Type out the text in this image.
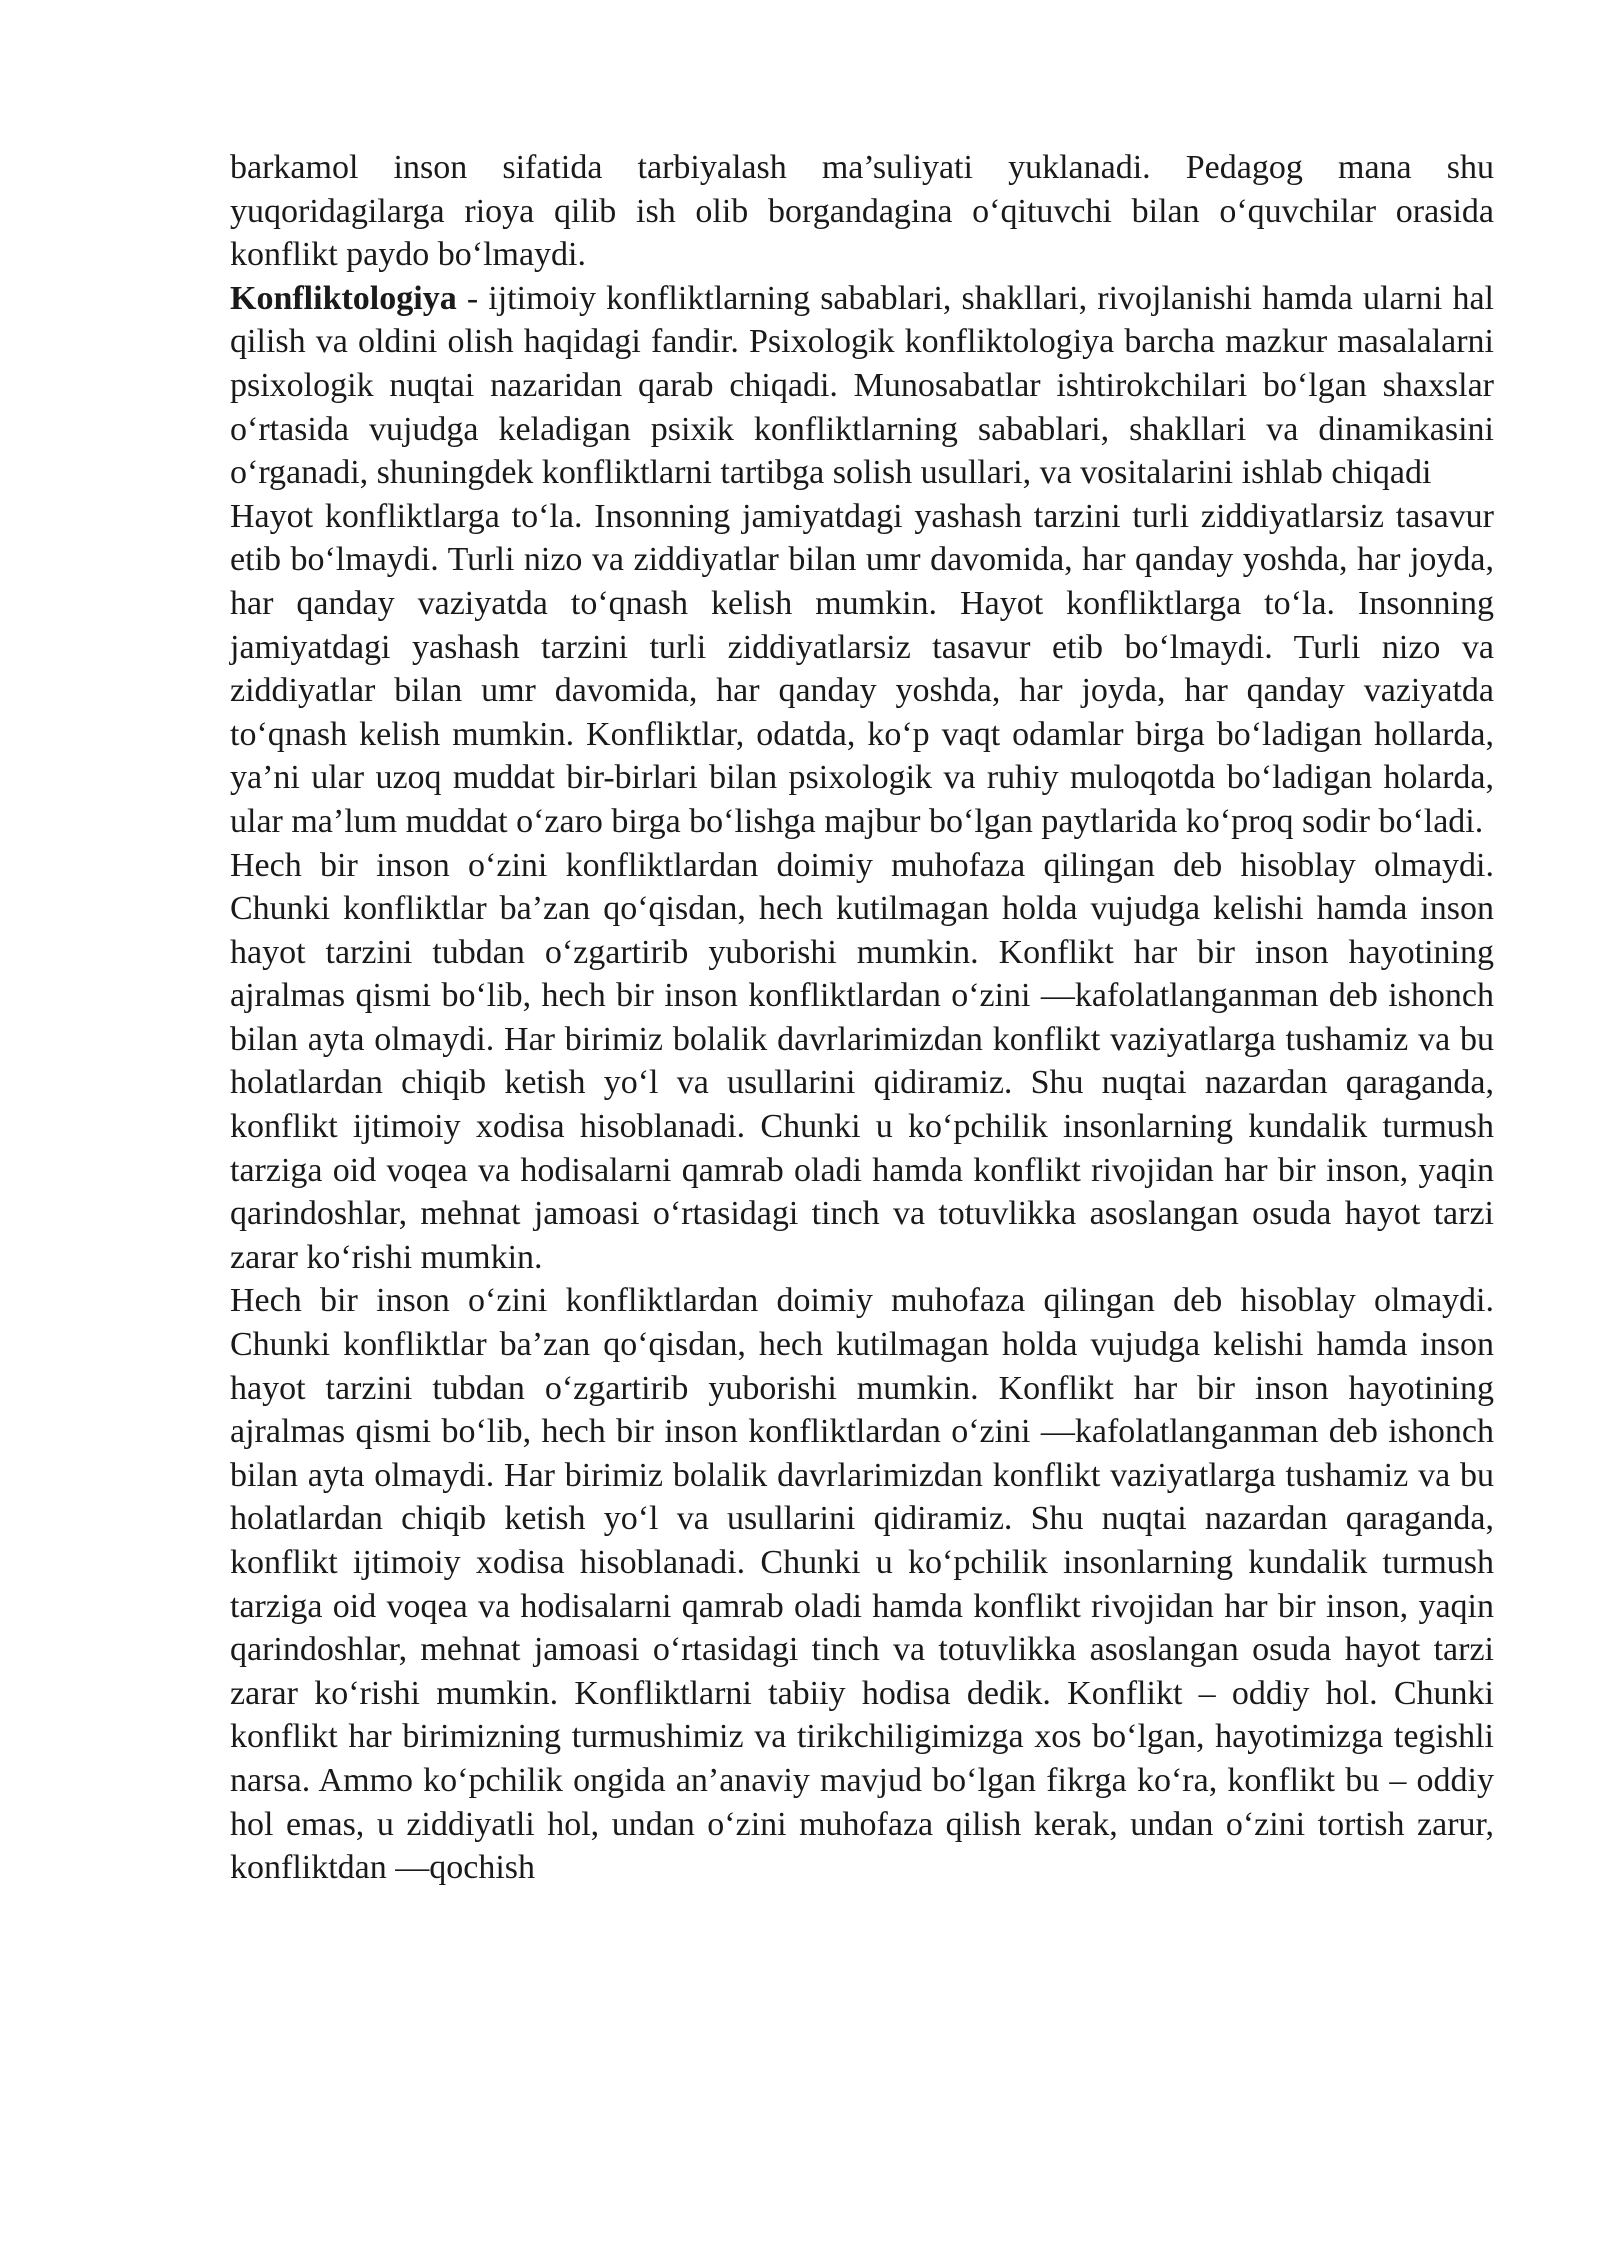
barkamol inson sifatida tarbiyalash ma’suliyati yuklanadi. Pedagog mana shu yuqoridagilarga rioya qilib ish olib borgandagina o‘qituvchi bilan o‘quvchilar orasida konflikt paydo bo‘lmaydi.

Konfliktologiya - ijtimoiy konfliktlarning sabablari, shakllari, rivojlanishi hamda ularni hal qilish va oldini olish haqidagi fandir. Psixologik konfliktologiya barcha mazkur masalalarni psixologik nuqtai nazaridan qarab chiqadi. Munosabatlar ishtirokchilari bo‘lgan shaxslar o‘rtasida vujudga keladigan psixik konfliktlarning sabablari, shakllari va dinamikasini o‘rganadi, shuningdek konfliktlarni tartibga solish usullari, va vositalarini ishlab chiqadi

Hayot konfliktlarga to‘la. Insonning jamiyatdagi yashash tarzini turli ziddiyatlarsiz tasavur etib bo‘lmaydi. Turli nizo va ziddiyatlar bilan umr davomida, har qanday yoshda, har joyda, har qanday vaziyatda to‘qnash kelish mumkin. Hayot konfliktlarga to‘la. Insonning jamiyatdagi yashash tarzini turli ziddiyatlarsiz tasavur etib bo‘lmaydi. Turli nizo va ziddiyatlar bilan umr davomida, har qanday yoshda, har joyda, har qanday vaziyatda to‘qnash kelish mumkin. Konfliktlar, odatda, ko‘p vaqt odamlar birga bo‘ladigan hollarda, ya’ni ular uzoq muddat bir-birlari bilan psixologik va ruhiy muloqotda bo‘ladigan holarda, ular ma’lum muddat o‘zaro birga bo‘lishga majbur bo‘lgan paytlarida ko‘proq sodir bo‘ladi.

Hech bir inson o‘zini konfliktlardan doimiy muhofaza qilingan deb hisoblay olmaydi. Chunki konfliktlar ba’zan qo‘qisdan, hech kutilmagan holda vujudga kelishi hamda inson hayot tarzini tubdan o‘zgartirib yuborishi mumkin. Konflikt har bir inson hayotining ajralmas qismi bo‘lib, hech bir inson konfliktlardan o‘zini ―kafolatlanganman deb ishonch bilan ayta olmaydi. Har birimiz bolalik davrlarimizdan konflikt vaziyatlarga tushamiz va bu holatlardan chiqib ketish yo‘l va usullarini qidiramiz. Shu nuqtai nazardan qaraganda, konflikt ijtimoiy xodisa hisoblanadi. Chunki u ko‘pchilik insonlarning kundalik turmush tarziga oid voqea va hodisalarni qamrab oladi hamda konflikt rivojidan har bir inson, yaqin qarindoshlar, mehnat jamoasi o‘rtasidagi tinch va totuvlikka asoslangan osuda hayot tarzi zarar ko‘rishi mumkin.

Hech bir inson o‘zini konfliktlardan doimiy muhofaza qilingan deb hisoblay olmaydi. Chunki konfliktlar ba’zan qo‘qisdan, hech kutilmagan holda vujudga kelishi hamda inson hayot tarzini tubdan o‘zgartirib yuborishi mumkin. Konflikt har bir inson hayotining ajralmas qismi bo‘lib, hech bir inson konfliktlardan o‘zini ―kafolatlanganman deb ishonch bilan ayta olmaydi. Har birimiz bolalik davrlarimizdan konflikt vaziyatlarga tushamiz va bu holatlardan chiqib ketish yo‘l va usullarini qidiramiz. Shu nuqtai nazardan qaraganda, konflikt ijtimoiy xodisa hisoblanadi. Chunki u ko‘pchilik insonlarning kundalik turmush tarziga oid voqea va hodisalarni qamrab oladi hamda konflikt rivojidan har bir inson, yaqin qarindoshlar, mehnat jamoasi o‘rtasidagi tinch va totuvlikka asoslangan osuda hayot tarzi zarar ko‘rishi mumkin. Konfliktlarni tabiiy hodisa dedik. Konflikt – oddiy hol. Chunki konflikt har birimizning turmushimiz va tirikchiligimizga xos bo‘lgan, hayotimizga tegishli narsa. Ammo ko‘pchilik ongida an’anaviy mavjud bo‘lgan fikrga ko‘ra, konflikt bu – oddiy hol emas, u ziddiyatli hol, undan o‘zini muhofaza qilish kerak, undan o‘zini tortish zarur, konfliktdan ―qochish
